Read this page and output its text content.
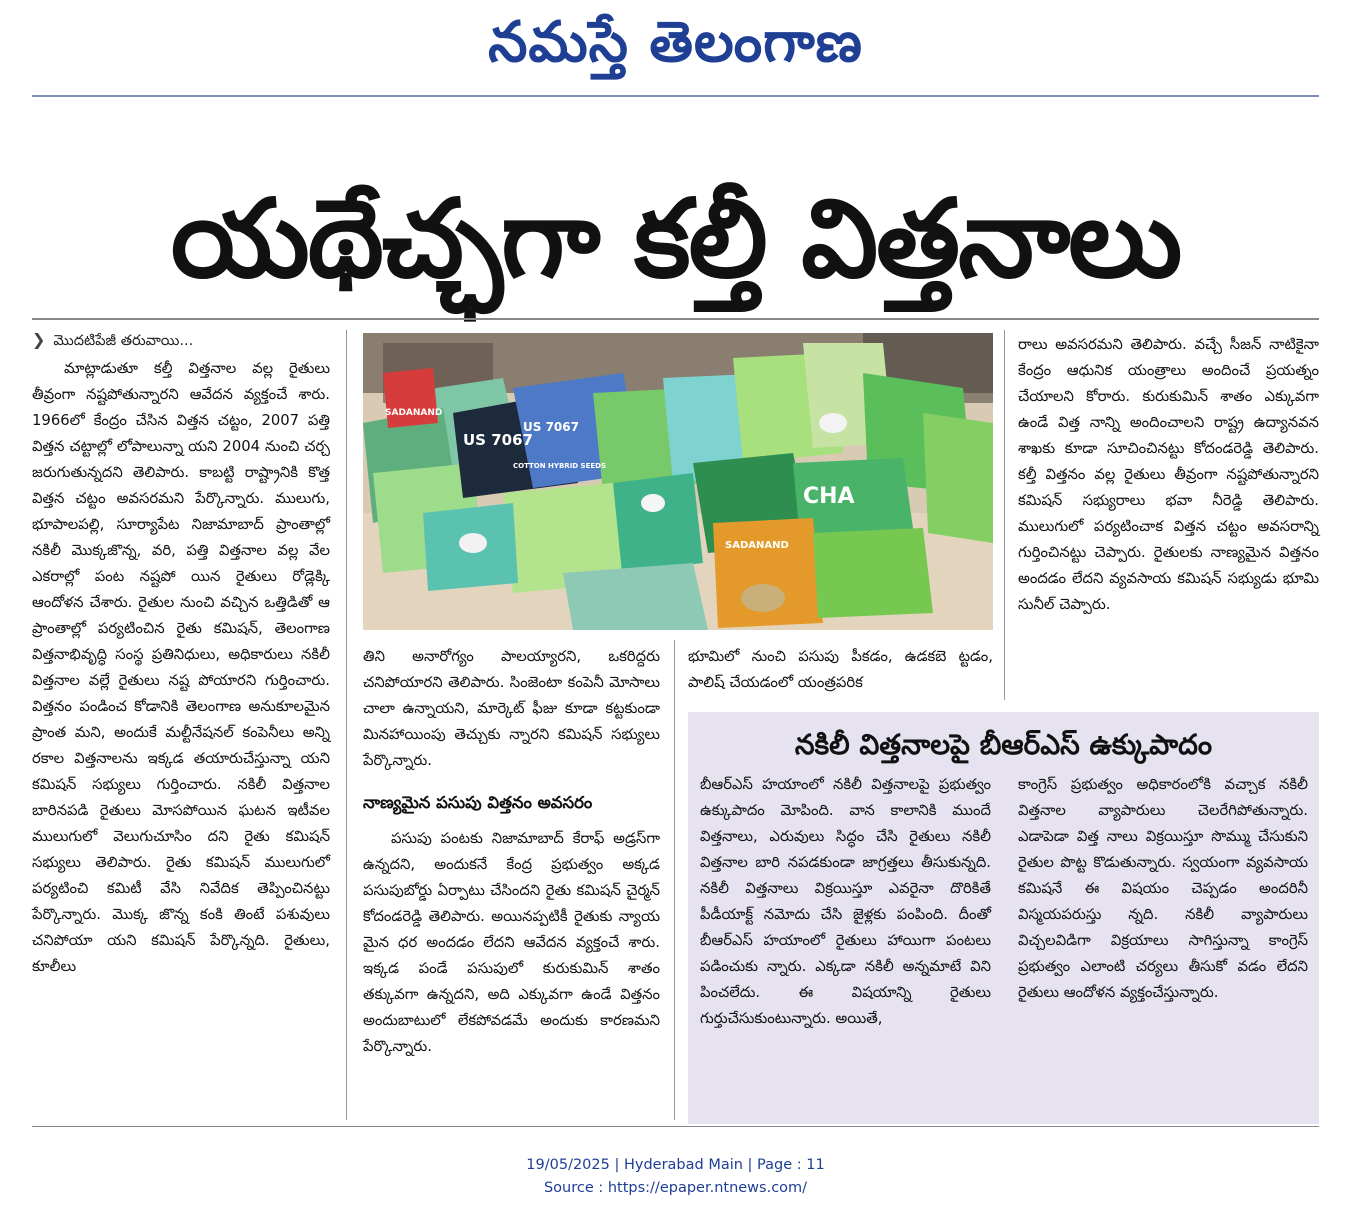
నమస్తే తెలంగాణ
యథేచ్ఛగా కల్తీ విత్తనాలు
❯ మొదటిపేజీ తరువాయి...

మాట్లాడుతూ కల్తీ విత్తనాల వల్ల రైతులు తీవ్రంగా నష్టపోతున్నారని ఆవేదన వ్యక్తంచే శారు. 1966లో కేంద్రం చేసిన విత్తన చట్టం, 2007 పత్తి విత్తన చట్టాల్లో లోపాలున్నా యని 2004 నుంచి చర్చ జరుగుతున్నదని తెలిపారు. కాబట్టి రాష్ట్రానికి కొత్త విత్తన చట్టం అవసరమని పేర్కొన్నారు. ములుగు, భూపాలపల్లి, సూర్యాపేట నిజామాబాద్ ప్రాంతాల్లో నకిలీ మొక్కజొన్న, వరి, పత్తి విత్తనాల వల్ల వేల ఎకరాల్లో పంట నష్టపో యిన రైతులు రోడ్లెక్కి ఆందోళన చేశారు. రైతుల నుంచి వచ్చిన ఒత్తిడితో ఆ ప్రాంతాల్లో పర్యటించిన రైతు కమిషన్, తెలంగాణ విత్తనాభివృద్ధి సంస్థ ప్రతినిధులు, అధికారులు నకిలీ విత్తనాల వల్లే రైతులు నష్ట పోయారని గుర్తించారు. విత్తనం పండించ కోడానికి తెలంగాణ అనుకూలమైన ప్రాంత మని, అందుకే మల్టీనేషనల్ కంపెనీలు అన్ని రకాల విత్తనాలను ఇక్కడ తయారుచేస్తున్నా యని కమిషన్ సభ్యులు గుర్తించారు. నకిలీ విత్తనాల బారినపడి రైతులు మోసపోయిన ఘటన ఇటీవల ములుగులో వెలుగుచూసిం దని రైతు కమిషన్ సభ్యులు తెలిపారు. రైతు కమిషన్ ములుగులో పర్యటించి కమిటీ వేసి నివేదిక తెప్పించినట్టు పేర్కొన్నారు. మొక్క జొన్న కంకి తింటే పశువులు చనిపోయా యని కమిషన్ పేర్కొన్నది. రైతులు, కూలీలు

SADANAND
US 7067
US 7067
COTTON HYBRID SEEDS
SADANAND
CHA

తిని అనారోగ్యం పాలయ్యారని, ఒకరిద్దరు చనిపోయారని తెలిపారు. సింజెంటా కంపెనీ మోసాలు చాలా ఉన్నాయని, మార్కెట్ ఫీజు కూడా కట్టకుండా మినహాయింపు తెచ్చుకు న్నారని కమిషన్ సభ్యులు పేర్కొన్నారు.

నాణ్యమైన పసుపు విత్తనం అవసరం

పసుపు పంటకు నిజామాబాద్ కేరాఫ్ అడ్రస్‌గా ఉన్నదని, అందుకనే కేంద్ర ప్రభుత్వం అక్కడ పసుపుబోర్డు ఏర్పాటు చేసిందని రైతు కమిషన్ చైర్మన్ కోదండరెడ్డి తెలిపారు. అయినప్పటికీ రైతుకు న్యాయ మైన ధర అందడం లేదని ఆవేదన వ్యక్తంచే శారు. ఇక్కడ పండే పసుపులో కురుకుమిన్ శాతం తక్కువగా ఉన్నదని, అది ఎక్కువగా ఉండే విత్తనం అందుబాటులో లేకపోవడమే అందుకు కారణమని పేర్కొన్నారు.

భూమిలో నుంచి పసుపు పీకడం, ఉడకబె ట్టడం, పాలిష్ చేయడంలో యంత్రపరిక

రాలు అవసరమని తెలిపారు. వచ్చే సీజన్ నాటికైనా కేంద్రం ఆధునిక యంత్రాలు అందించే ప్రయత్నం చేయాలని కోరారు. కురుకుమిన్ శాతం ఎక్కువగా ఉండే విత్త నాన్ని అందించాలని రాష్ట్ర ఉద్యానవన శాఖకు కూడా సూచించినట్టు కోదండరెడ్డి తెలిపారు. కల్తీ విత్తనం వల్ల రైతులు తీవ్రంగా నష్టపోతున్నారని కమిషన్ సభ్యురాలు భవా నీరెడ్డి తెలిపారు. ములుగులో పర్యటించాక విత్తన చట్టం అవసరాన్ని గుర్తించినట్టు చెప్పారు. రైతులకు నాణ్యమైన విత్తనం అందడం లేదని వ్యవసాయ కమిషన్ సభ్యుడు భూమి సునీల్ చెప్పారు.

నకిలీ విత్తనాలపై బీఆర్‌ఎస్ ఉక్కుపాదం

బీఆర్‌ఎస్ హయాంలో నకిలీ విత్తనాలపై ప్రభుత్వం ఉక్కుపాదం మోపింది. వాన కాలానికి ముందే విత్తనాలు, ఎరువులు సిద్ధం చేసి రైతులు నకిలీ విత్తనాల బారి నపడకుండా జాగ్రత్తలు తీసుకున్నది. నకిలీ విత్తనాలు విక్రయిస్తూ ఎవరైనా దొరికితే పీడీయాక్ట్ నమోదు చేసి జైళ్లకు పంపింది. దీంతో బీఆర్‌ఎస్ హయాంలో రైతులు హాయిగా పంటలు పడించుకు న్నారు. ఎక్కడా నకిలీ అన్నమాటే విని పించలేదు. ఈ విషయాన్ని రైతులు గుర్తుచేసుకుంటున్నారు. అయితే,

కాంగ్రెస్ ప్రభుత్వం అధికారంలోకి వచ్చాక నకిలీ విత్తనాల వ్యాపారులు చెలరేగిపోతున్నారు. ఎడాపెడా విత్త నాలు విక్రయిస్తూ సొమ్ము చేసుకుని రైతుల పొట్ట కొడుతున్నారు. స్వయంగా వ్యవసాయ కమిషనే ఈ విషయం చెప్పడం అందరినీ విస్మయపరుస్తు న్నది. నకిలీ వ్యాపారులు విచ్చలవిడిగా విక్రయాలు సాగిస్తున్నా కాంగ్రెస్ ప్రభుత్వం ఎలాంటి చర్యలు తీసుకో వడం లేదని రైతులు ఆందోళన వ్యక్తంచేస్తున్నారు.

19/05/2025 | Hyderabad Main | Page : 11
Source : https://epaper.ntnews.com/
